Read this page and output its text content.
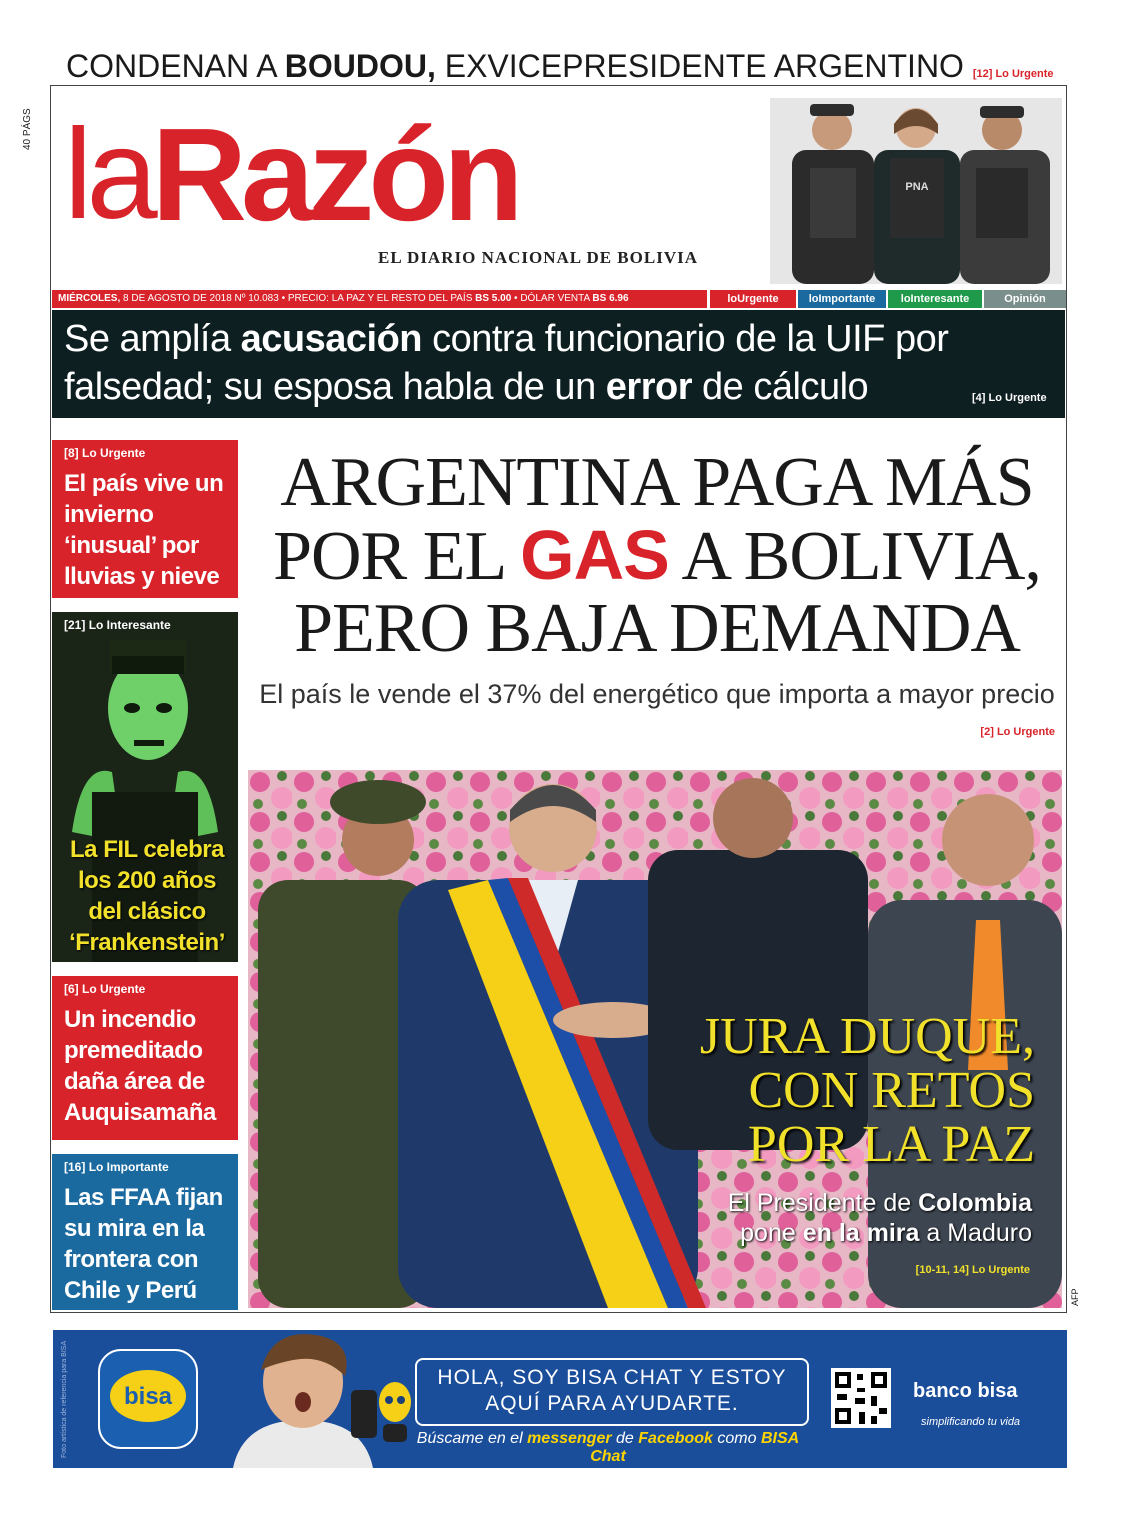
CONDENAN A BOUDOU, EXVICEPRESIDENTE ARGENTINO [12] Lo Urgente
40 PÁGS laRazón
EL DIARIO NACIONAL DE BOLIVIA
PNA
MIÉRCOLES, 8 DE AGOSTO DE 2018 Nº 10.083 • PRECIO: LA PAZ Y EL RESTO DEL PAÍS BS 5.00 • DÓLAR VENTA BS 6.96	loUrgente	loImportante	loInteresante	Opinión
Se amplía acusación contra funcionario de la UIF por
falsedad; su esposa habla de un error de cálculo	[4] Lo Urgente
[8] Lo Urgente
El país vive un invierno ‘inusual’ por lluvias y nieve
[21] Lo Interesante
La FIL celebra los 200 años del clásico ‘Frankenstein’
[6] Lo Urgente
Un incendio premeditado daña área de Auquisamaña
[16] Lo Importante
Las FFAA fijan su mira en la frontera con Chile y Perú
ARGENTINA PAGA MÁS
POR EL GAS A BOLIVIA,
PERO BAJA DEMANDA
El país le vende el 37% del energético que importa a mayor precio
[2] Lo Urgente
JURA DUQUE,
CON RETOS
POR LA PAZ
El Presidente de Colombia
pone en la mira a Maduro
[10-11, 14] Lo Urgente
AFP
Foto artística de referencia para BISA bisa
HOLA, SOY BISA CHAT Y ESTOY
AQUÍ PARA AYUDARTE.
Búscame en el messenger de Facebook como BISA Chat
banco bisa
simplificando tu vida
